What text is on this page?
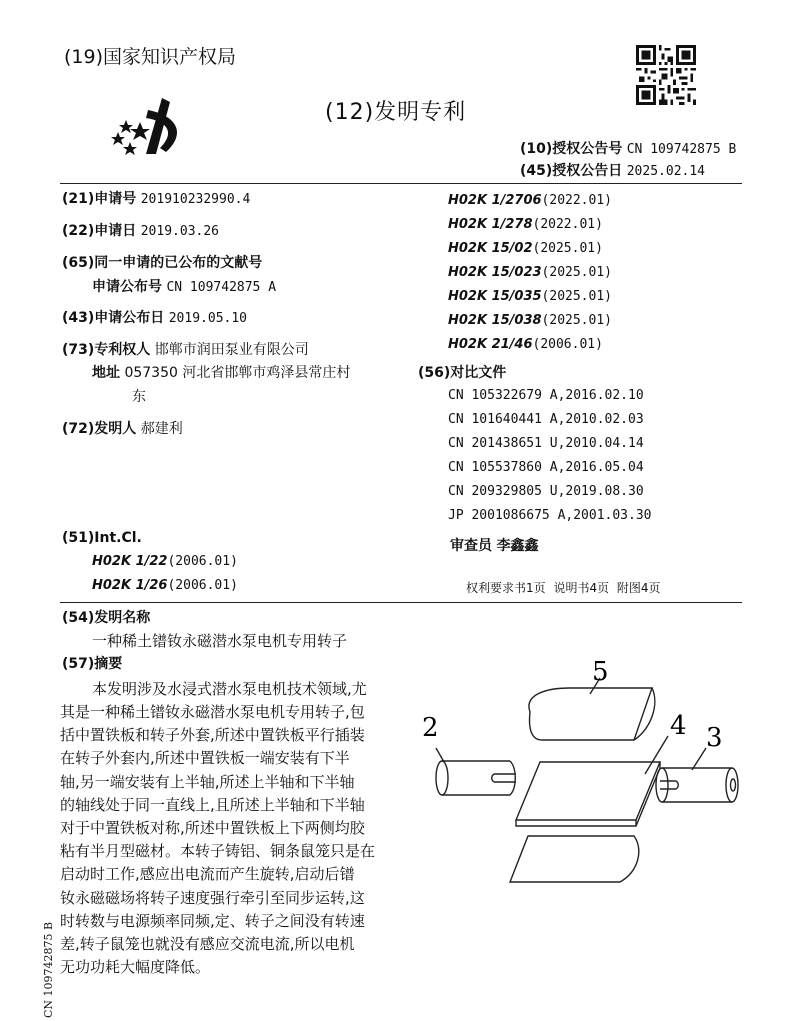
(19)国家知识产权局
(12)发明专利
(10)授权公告号 CN 109742875 B
(45)授权公告日 2025.02.14
(21)申请号 201910232990.4
(22)申请日 2019.03.26
(65)同一申请的已公布的文献号
申请公布号 CN 109742875 A
(43)申请公布日 2019.05.10
(73)专利权人 邯郸市润田泵业有限公司
地址 057350 河北省邯郸市鸡泽县常庄村
东
(72)发明人 郝建利
(51)Int.Cl.
H02K 1/22(2006.01)
H02K 1/26(2006.01)
H02K 1/2706(2022.01)
H02K 1/278(2022.01)
H02K 15/02(2025.01)
H02K 15/023(2025.01)
H02K 15/035(2025.01)
H02K 15/038(2025.01)
H02K 21/46(2006.01)
(56)对比文件
CN 105322679 A,2016.02.10
CN 101640441 A,2010.02.03
CN 201438651 U,2010.04.14
CN 105537860 A,2016.05.04
CN 209329805 U,2019.08.30
JP 2001086675 A,2001.03.30
审查员 李鑫鑫
权利要求书1页 说明书4页 附图4页
(54)发明名称
一种稀土镨钕永磁潜水泵电机专用转子
(57)摘要
本发明涉及水浸式潜水泵电机技术领域,尤
其是一种稀土镨钕永磁潜水泵电机专用转子,包
括中置铁板和转子外套,所述中置铁板平行插装
在转子外套内,所述中置铁板一端安装有下半
轴,另一端安装有上半轴,所述上半轴和下半轴
的轴线处于同一直线上,且所述上半轴和下半轴
对于中置铁板对称,所述中置铁板上下两侧均胶
粘有半月型磁材。本转子铸铝、铜条鼠笼只是在
启动时工作,感应出电流而产生旋转,启动后镨
钕永磁磁场将转子速度强行牵引至同步运转,这
时转数与电源频率同频,定、转子之间没有转速
差,转子鼠笼也就没有感应交流电流,所以电机
无功功耗大幅度降低。
5
2	4 3
CN 109742875 B
